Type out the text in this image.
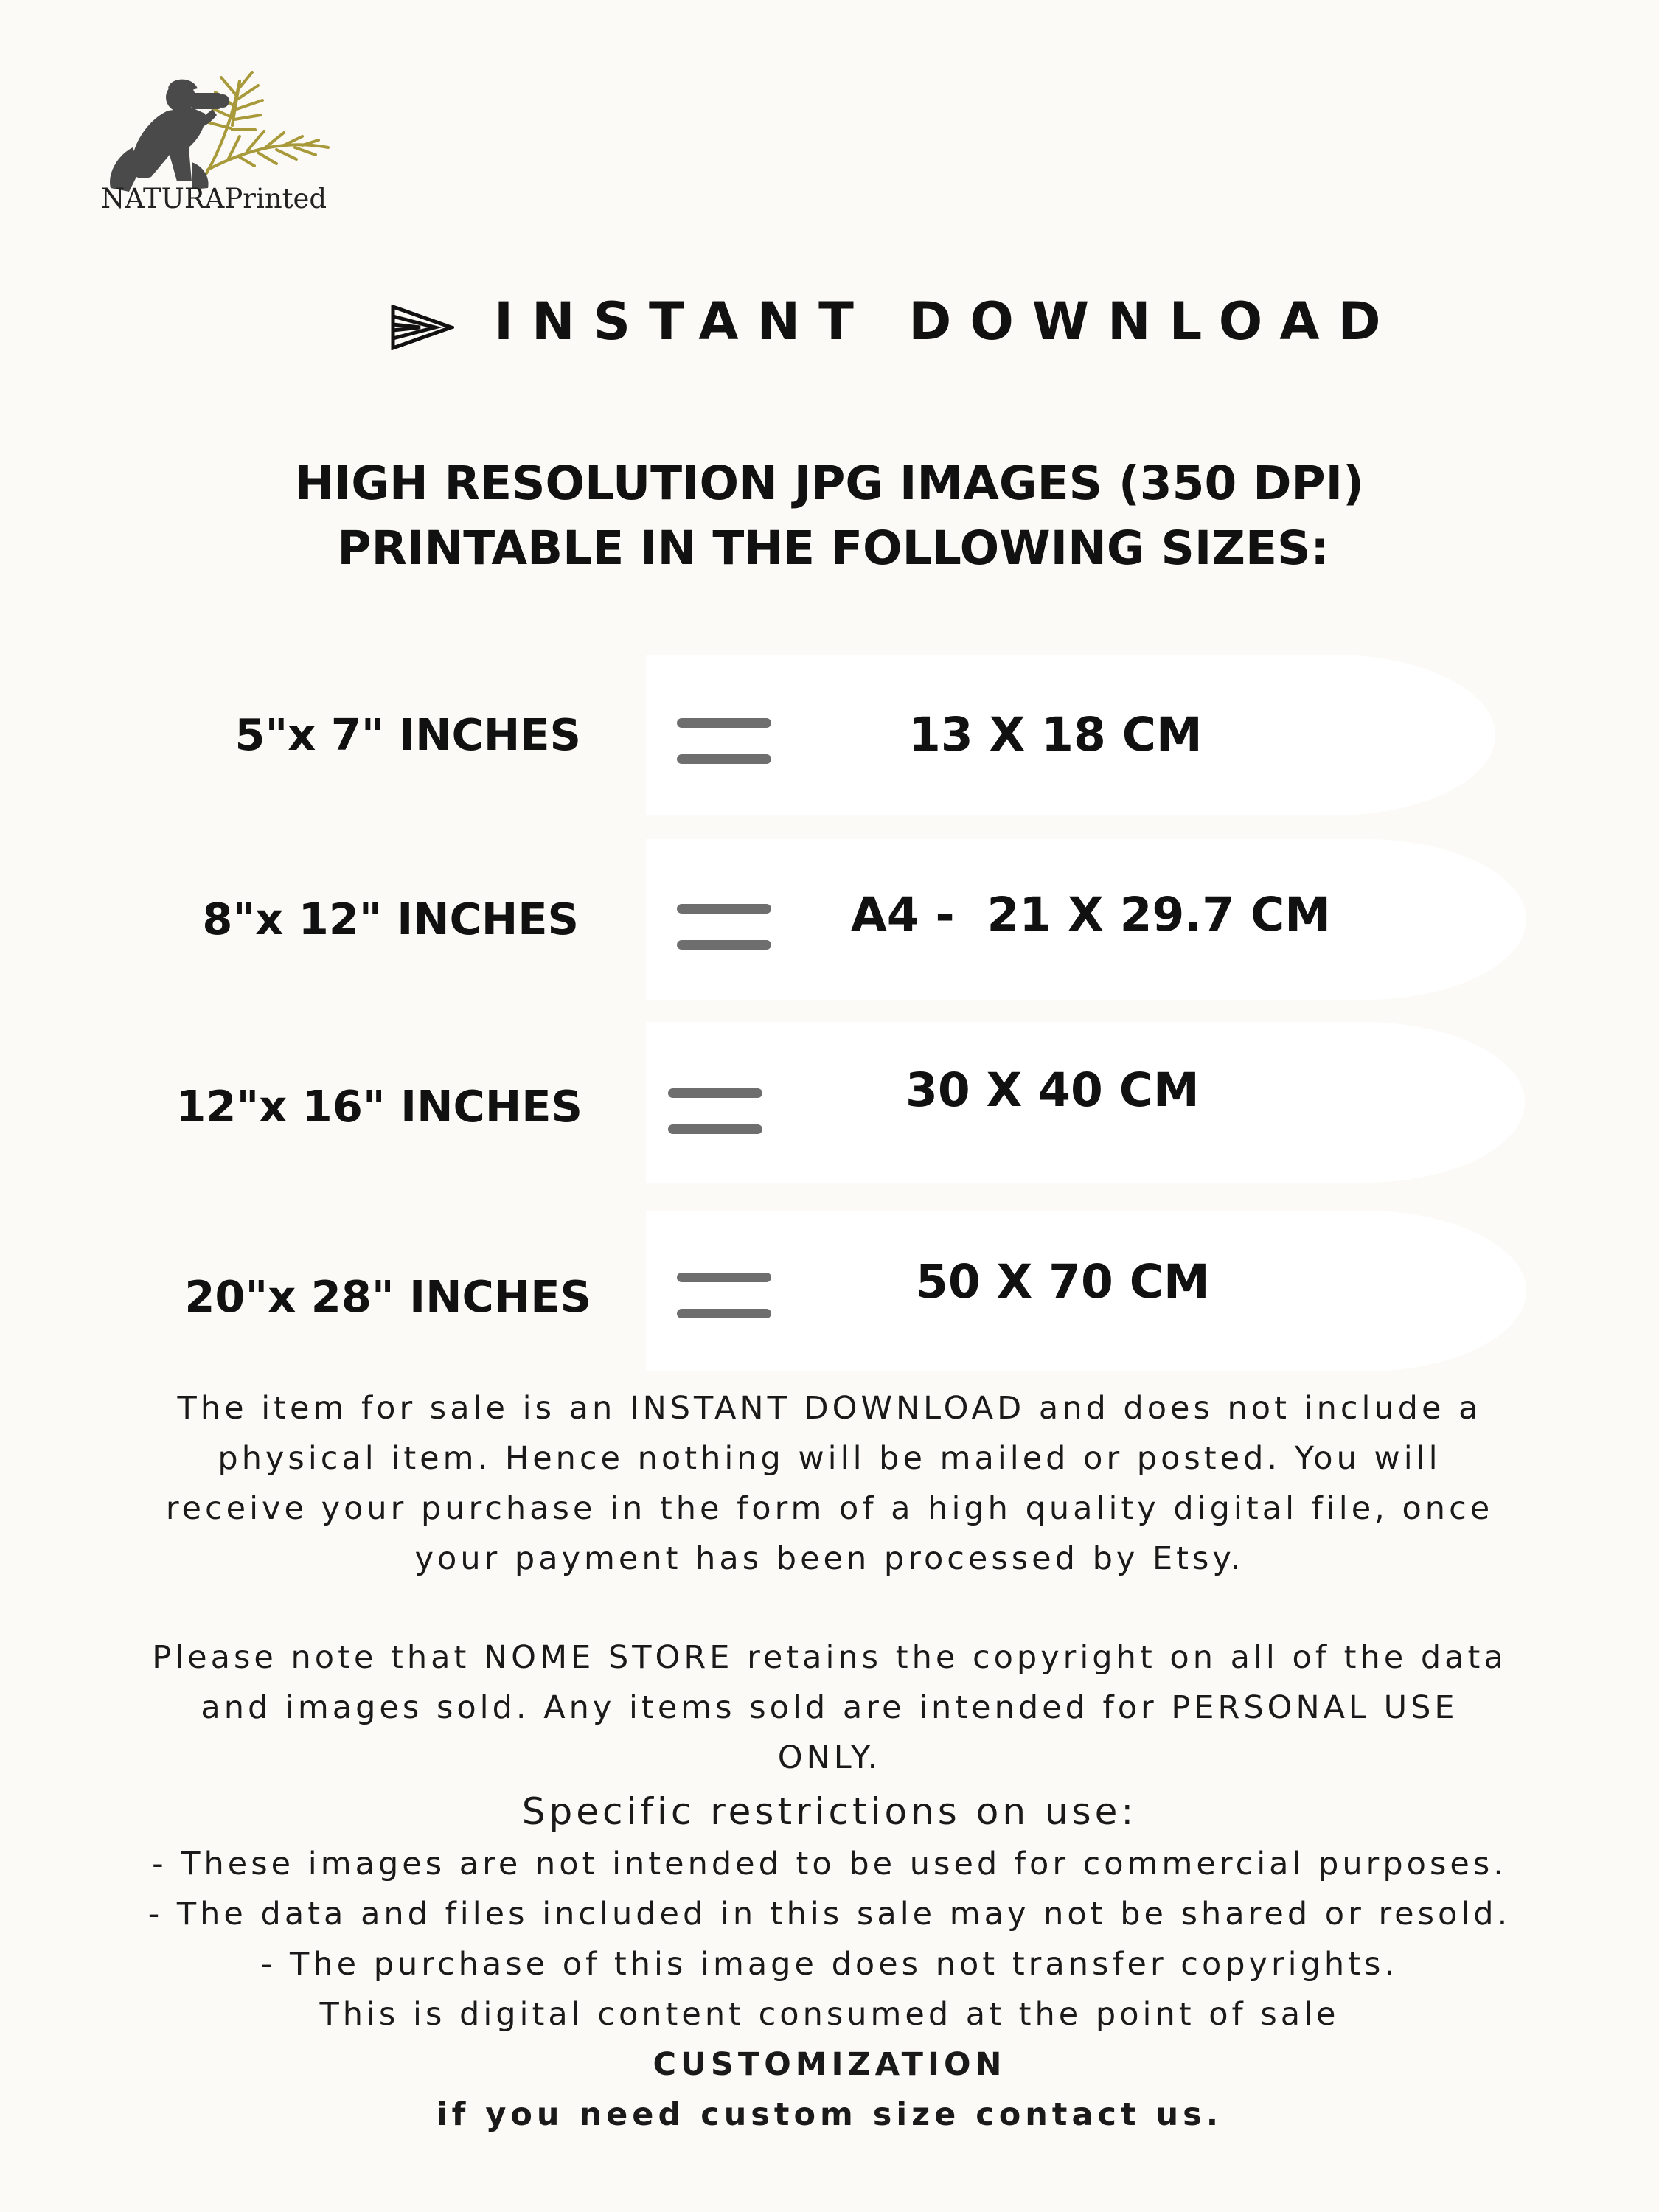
NATURAPrinted
INSTANT DOWNLOAD
HIGH RESOLUTION JPG IMAGES (350 DPI)
PRINTABLE IN THE FOLLOWING SIZES:
5"x 7" INCHES	13 X 18 CM
8"x 12" INCHES	A4 -  21 X 29.7 CM
12"x 16" INCHES	30 X 40 CM
20"x 28" INCHES	50 X 70 CM

The item for sale is an INSTANT DOWNLOAD and does not include a

physical item. Hence nothing will be mailed or posted. You will

receive your purchase in the form of a high quality digital file, once

your payment has been processed by Etsy.

Please note that NOME STORE retains the copyright on all of the data

and images sold. Any items sold are intended for PERSONAL USE

ONLY.

Specific restrictions on use:

- These images are not intended to be used for commercial purposes.

- The data and files included in this sale may not be shared or resold.

- The purchase of this image does not transfer copyrights.

This is digital content consumed at the point of sale

CUSTOMIZATION

if you need custom size contact us.
